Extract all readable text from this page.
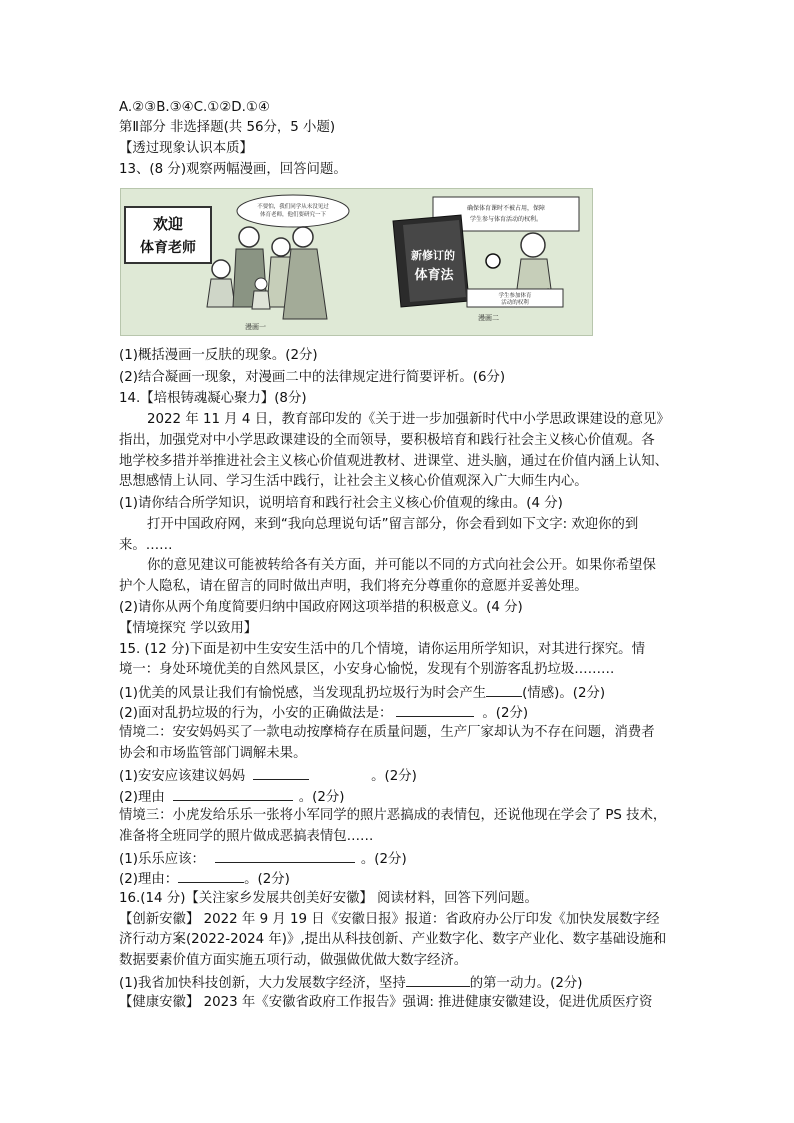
A.②③B.③④C.①②D.①④
第Ⅱ部分 非选择题(共 56分，5 小题)
【透过现象认识本质】
13、(8 分)观察两幅漫画，回答问题。
欢迎
体育老师
不要怕，我们同学从未没见过
体育老师，他们要研究一下
漫画一
确保体育课时不被占用，保障
学生参与体育活动的权利。
新修订的
体育法
学生参加体育
活动的权利
漫画二
(1)概括漫画一反肤的现象。(2分)
(2)结合凝画一现象，对漫画二中的法律规定进行简要评析。(6分)
14.【培根铸魂凝心聚力】(8分)
2022 年 11 月 4 日，教育部印发的《关于进一步加强新时代中小学思政课建设的意见》
指出，加强党对中小学思政课建设的全而领导，要积极培育和践行社会主义核心价值观。各
地学校多措并举推进社会主义核心价值观进教材、进课堂、进头脑，通过在价值内涵上认知、
思想感情上认同、学习生活中践行，让社会主义核心价值观深入广大师生内心。
(1)请你结合所学知识，说明培育和践行社会主义核心价值观的缘由。(4 分)
打开中国政府网，来到“我向总理说句话”留言部分，你会看到如下文字: 欢迎你的到
来。……
你的意见建议可能被转给各有关方面，并可能以不同的方式向社会公开。如果你希望保
护个人隐私，请在留言的同时做出声明，我们将充分尊重你的意愿并妥善处理。
(2)请你从两个角度简要归纳中国政府网这项举措的积极意义。(4 分)
【情境探究 学以致用】
15. (12 分)下面是初中生安安生活中的几个情境，请你运用所学知识，对其进行探究。情
境一：身处环境优美的自然风景区，小安身心愉悦，发现有个别游客乱扔垃圾………
(1)优美的风景让我们有愉悦感，当发现乱扔垃圾行为时会产生	(情感)。(2分)
(2)面对乱扔垃圾的行为，小安的正确做法是：	。(2分)
情境二：安安妈妈买了一款电动按摩椅存在质量问题，生产厂家却认为不存在问题，消费者
协会和市场监管部门调解未果。
(1)安安应该建议妈妈	。(2分)
(2)理由	。(2分)
情境三：小虎发给乐乐一张将小军同学的照片恶搞成的表情包，还说他现在学会了 PS 技术，
准备将全班同学的照片做成恶搞表情包……
(1)乐乐应该：	。(2分)
(2)理由：	。(2分)
16.(14 分)【关注家乡发展共创美好安徽】 阅读材料，回答下列问题。
【创新安徽】 2022 年 9 月 19 日《安徽日报》报道：省政府办公厅印发《加快发展数字经
济行动方案(2022-2024 年)》,提出从科技创新、产业数字化、数字产业化、数字基础设施和
数据要素价值方面实施五项行动，做强做优做大数字经济。
(1)我省加快科技创新，大力发展数字经济，坚持	的第一动力。(2分)
【健康安徽】 2023 年《安徽省政府工作报告》强调: 推进健康安徽建设，促进优质医疗资
